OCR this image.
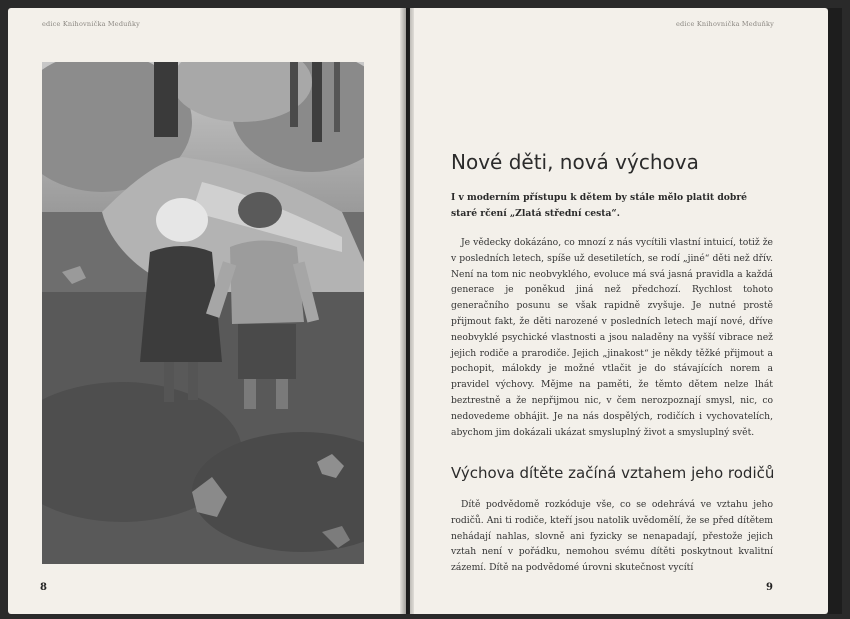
edice Knihovnička Meduňky
8
edice Knihovnička Meduňky
Nové děti, nová výchova

I v moderním přístupu k dětem by stále mělo platit dobré staré rčení „Zlatá střední cesta“.

Je vědecky dokázáno, co mnozí z nás vycítili vlastní intuicí, totiž že v posledních letech, spíše už desetiletích, se rodí „jiné“ děti než dřív. Není na tom nic neobvyklého, evoluce má svá jasná pravidla a každá generace je poněkud jiná než předchozí. Rychlost tohoto generačního posunu se však rapidně zvyšuje. Je nutné prostě přijmout fakt, že děti narozené v posledních letech mají nové, dříve neobvyklé psychické vlastnosti a jsou naladěny na vyšší vibrace než jejich rodiče a prarodiče. Jejich „jinakost“ je někdy těžké přijmout a pochopit, málokdy je možné vtlačit je do stávajících norem a pravidel výchovy. Mějme na paměti, že těmto dětem nelze lhát beztrestně a že nepřijmou nic, v čem nerozpoznají smysl, nic, co nedovedeme obhájit. Je na nás dospělých, rodičích i vychovatelích, abychom jim dokázali ukázat smysluplný život a smysluplný svět.

Výchova dítěte začíná vztahem jeho rodičů

Dítě podvědomě rozkóduje vše, co se odehrává ve vztahu jeho rodičů. Ani ti rodiče, kteří jsou natolik uvědomělí, že se před dítětem nehádají nahlas, slovně ani fyzicky se nenapadají, přestože jejich vztah není v pořádku, nemohou svému dítěti poskytnout kvalitní zázemí. Dítě na podvědomé úrovni skutečnost vycítí

9
